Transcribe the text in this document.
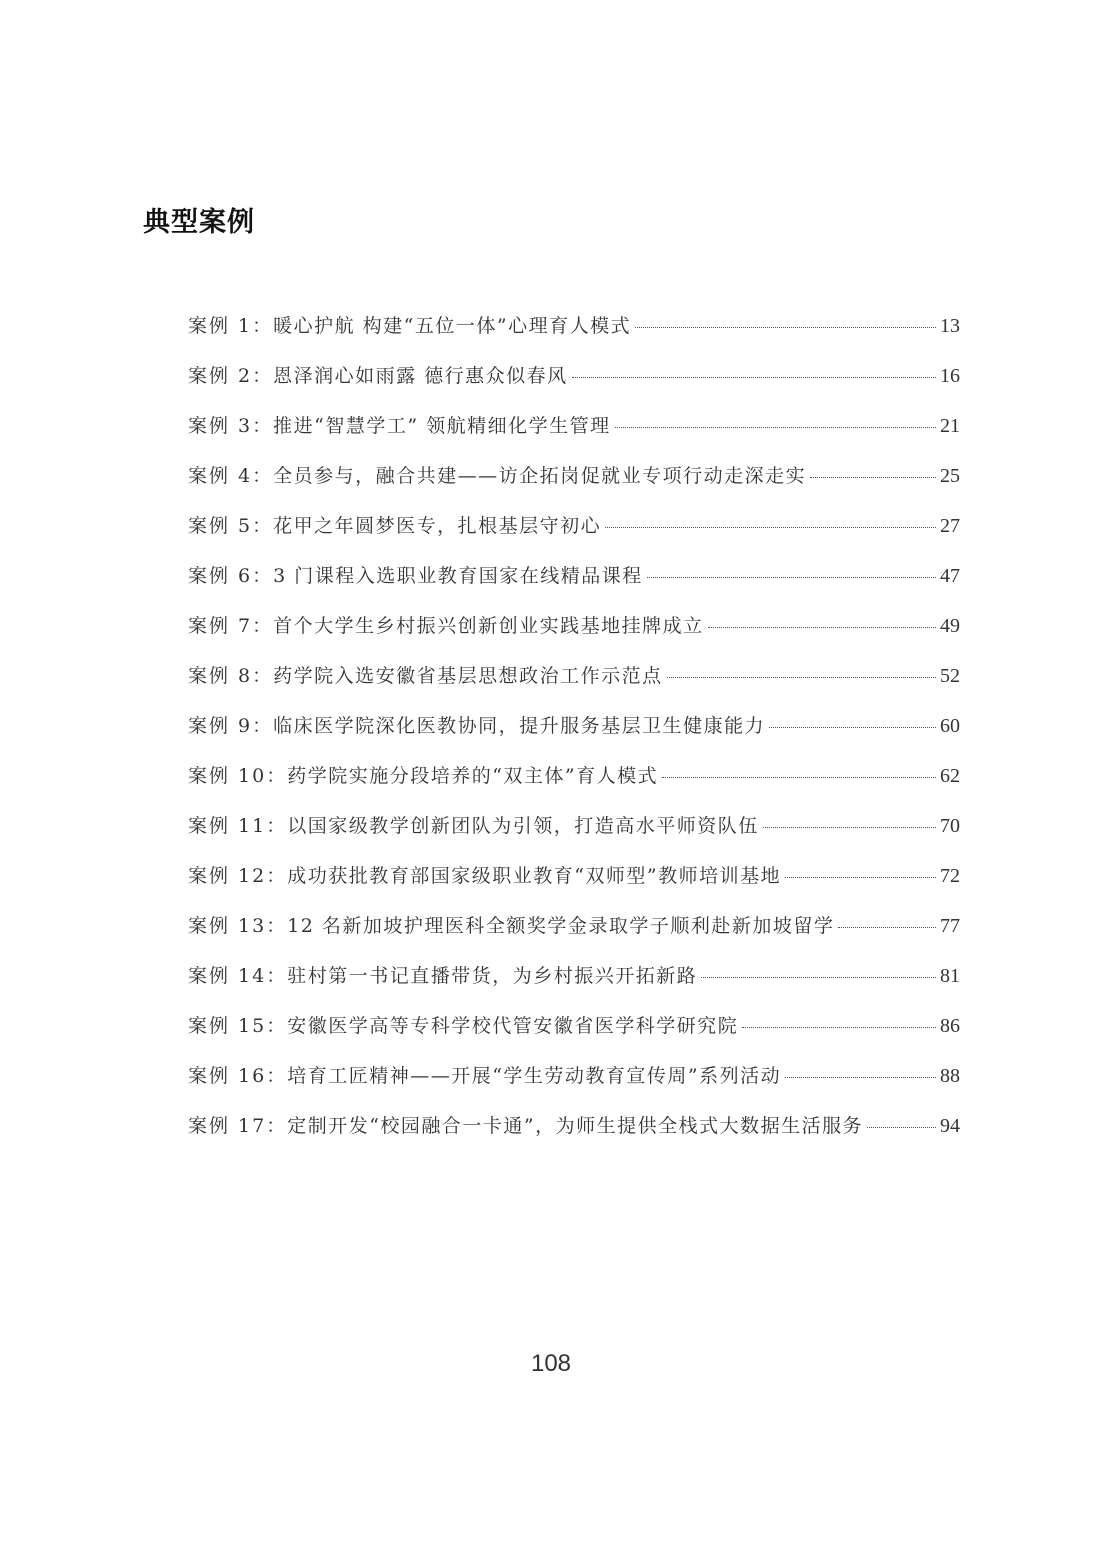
典型案例
案例 1： 暖心护航 构建“五位一体”心理育人模式	13
案例 2： 恩泽润心如雨露 德行惠众似春风	16
案例 3： 推进“智慧学工” 领航精细化学生管理	21
案例 4： 全员参与，融合共建——访企拓岗促就业专项行动走深走实	25
案例 5： 花甲之年圆梦医专，扎根基层守初心	27
案例 6： 3 门课程入选职业教育国家在线精品课程	47
案例 7： 首个大学生乡村振兴创新创业实践基地挂牌成立	49
案例 8： 药学院入选安徽省基层思想政治工作示范点	52
案例 9： 临床医学院深化医教协同，提升服务基层卫生健康能力	60
案例 10： 药学院实施分段培养的“双主体”育人模式	62
案例 11： 以国家级教学创新团队为引领，打造高水平师资队伍	70
案例 12： 成功获批教育部国家级职业教育“双师型”教师培训基地	72
案例 13： 12 名新加坡护理医科全额奖学金录取学子顺利赴新加坡留学	77
案例 14： 驻村第一书记直播带货，为乡村振兴开拓新路	81
案例 15： 安徽医学高等专科学校代管安徽省医学科学研究院	86
案例 16： 培育工匠精神——开展“学生劳动教育宣传周”系列活动	88
案例 17： 定制开发“校园融合一卡通”，为师生提供全栈式大数据生活服务	94
108
